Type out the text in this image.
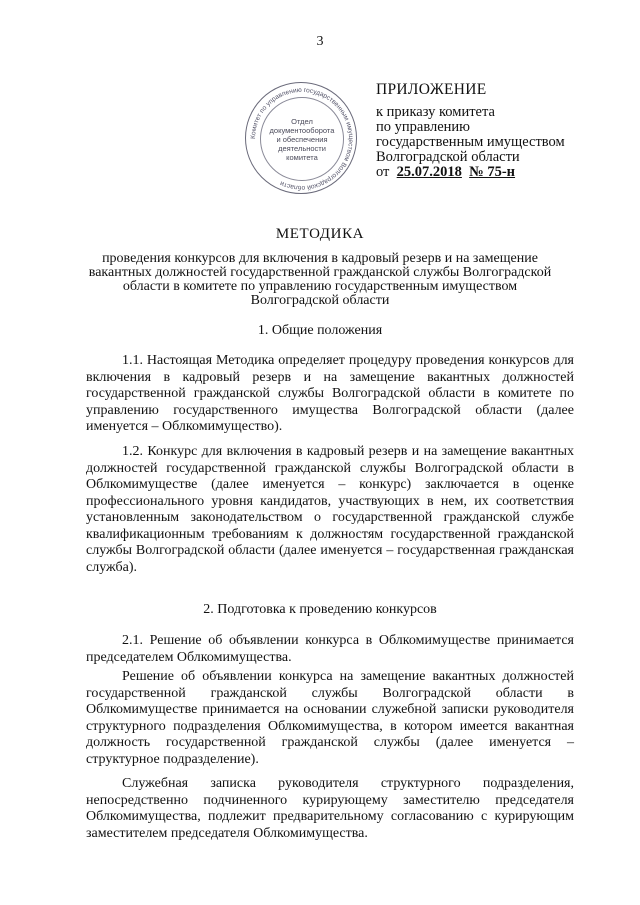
3
Комитет по управлению государственным имуществом Волгоградской области
Отдел
документооборота
и обеспечения
деятельности
комитета
ПРИЛОЖЕНИЕ
к приказу комитета
по управлению
государственным имуществом
Волгоградской области
от 25.07.2018 № 75-н
МЕТОДИКА
проведения конкурсов для включения в кадровый резерв и на замещение вакантных должностей государственной гражданской службы Волгоградской области в комитете по управлению государственным имуществом Волгоградской области
1. Общие положения
1.1. Настоящая Методика определяет процедуру проведения конкурсов для включения в кадровый резерв и на замещение вакантных должностей государственной гражданской службы Волгоградской области в комитете по управлению государственного имущества Волгоградской области (далее именуется – Облкомимущество).
1.2. Конкурс для включения в кадровый резерв и на замещение вакантных должностей государственной гражданской службы Волгоградской области в Облкомимуществе (далее именуется – конкурс) заключается в оценке профессионального уровня кандидатов, участвующих в нем, их соответствия установленным законодательством о государственной гражданской службе квалификационным требованиям к должностям государственной гражданской службы Волгоградской области (далее именуется – государственная гражданская служба).
2. Подготовка к проведению конкурсов
2.1. Решение об объявлении конкурса в Облкомимуществе принимается председателем Облкомимущества.
Решение об объявлении конкурса на замещение вакантных должностей государственной гражданской службы Волгоградской области в Облкомимуществе принимается на основании служебной записки руководителя структурного подразделения Облкомимущества, в котором имеется вакантная должность государственной гражданской службы (далее именуется – структурное подразделение).
Служебная записка руководителя структурного подразделения, непосредственно подчиненного курирующему заместителю председателя Облкомимущества, подлежит предварительному согласованию с курирующим заместителем председателя Облкомимущества.
